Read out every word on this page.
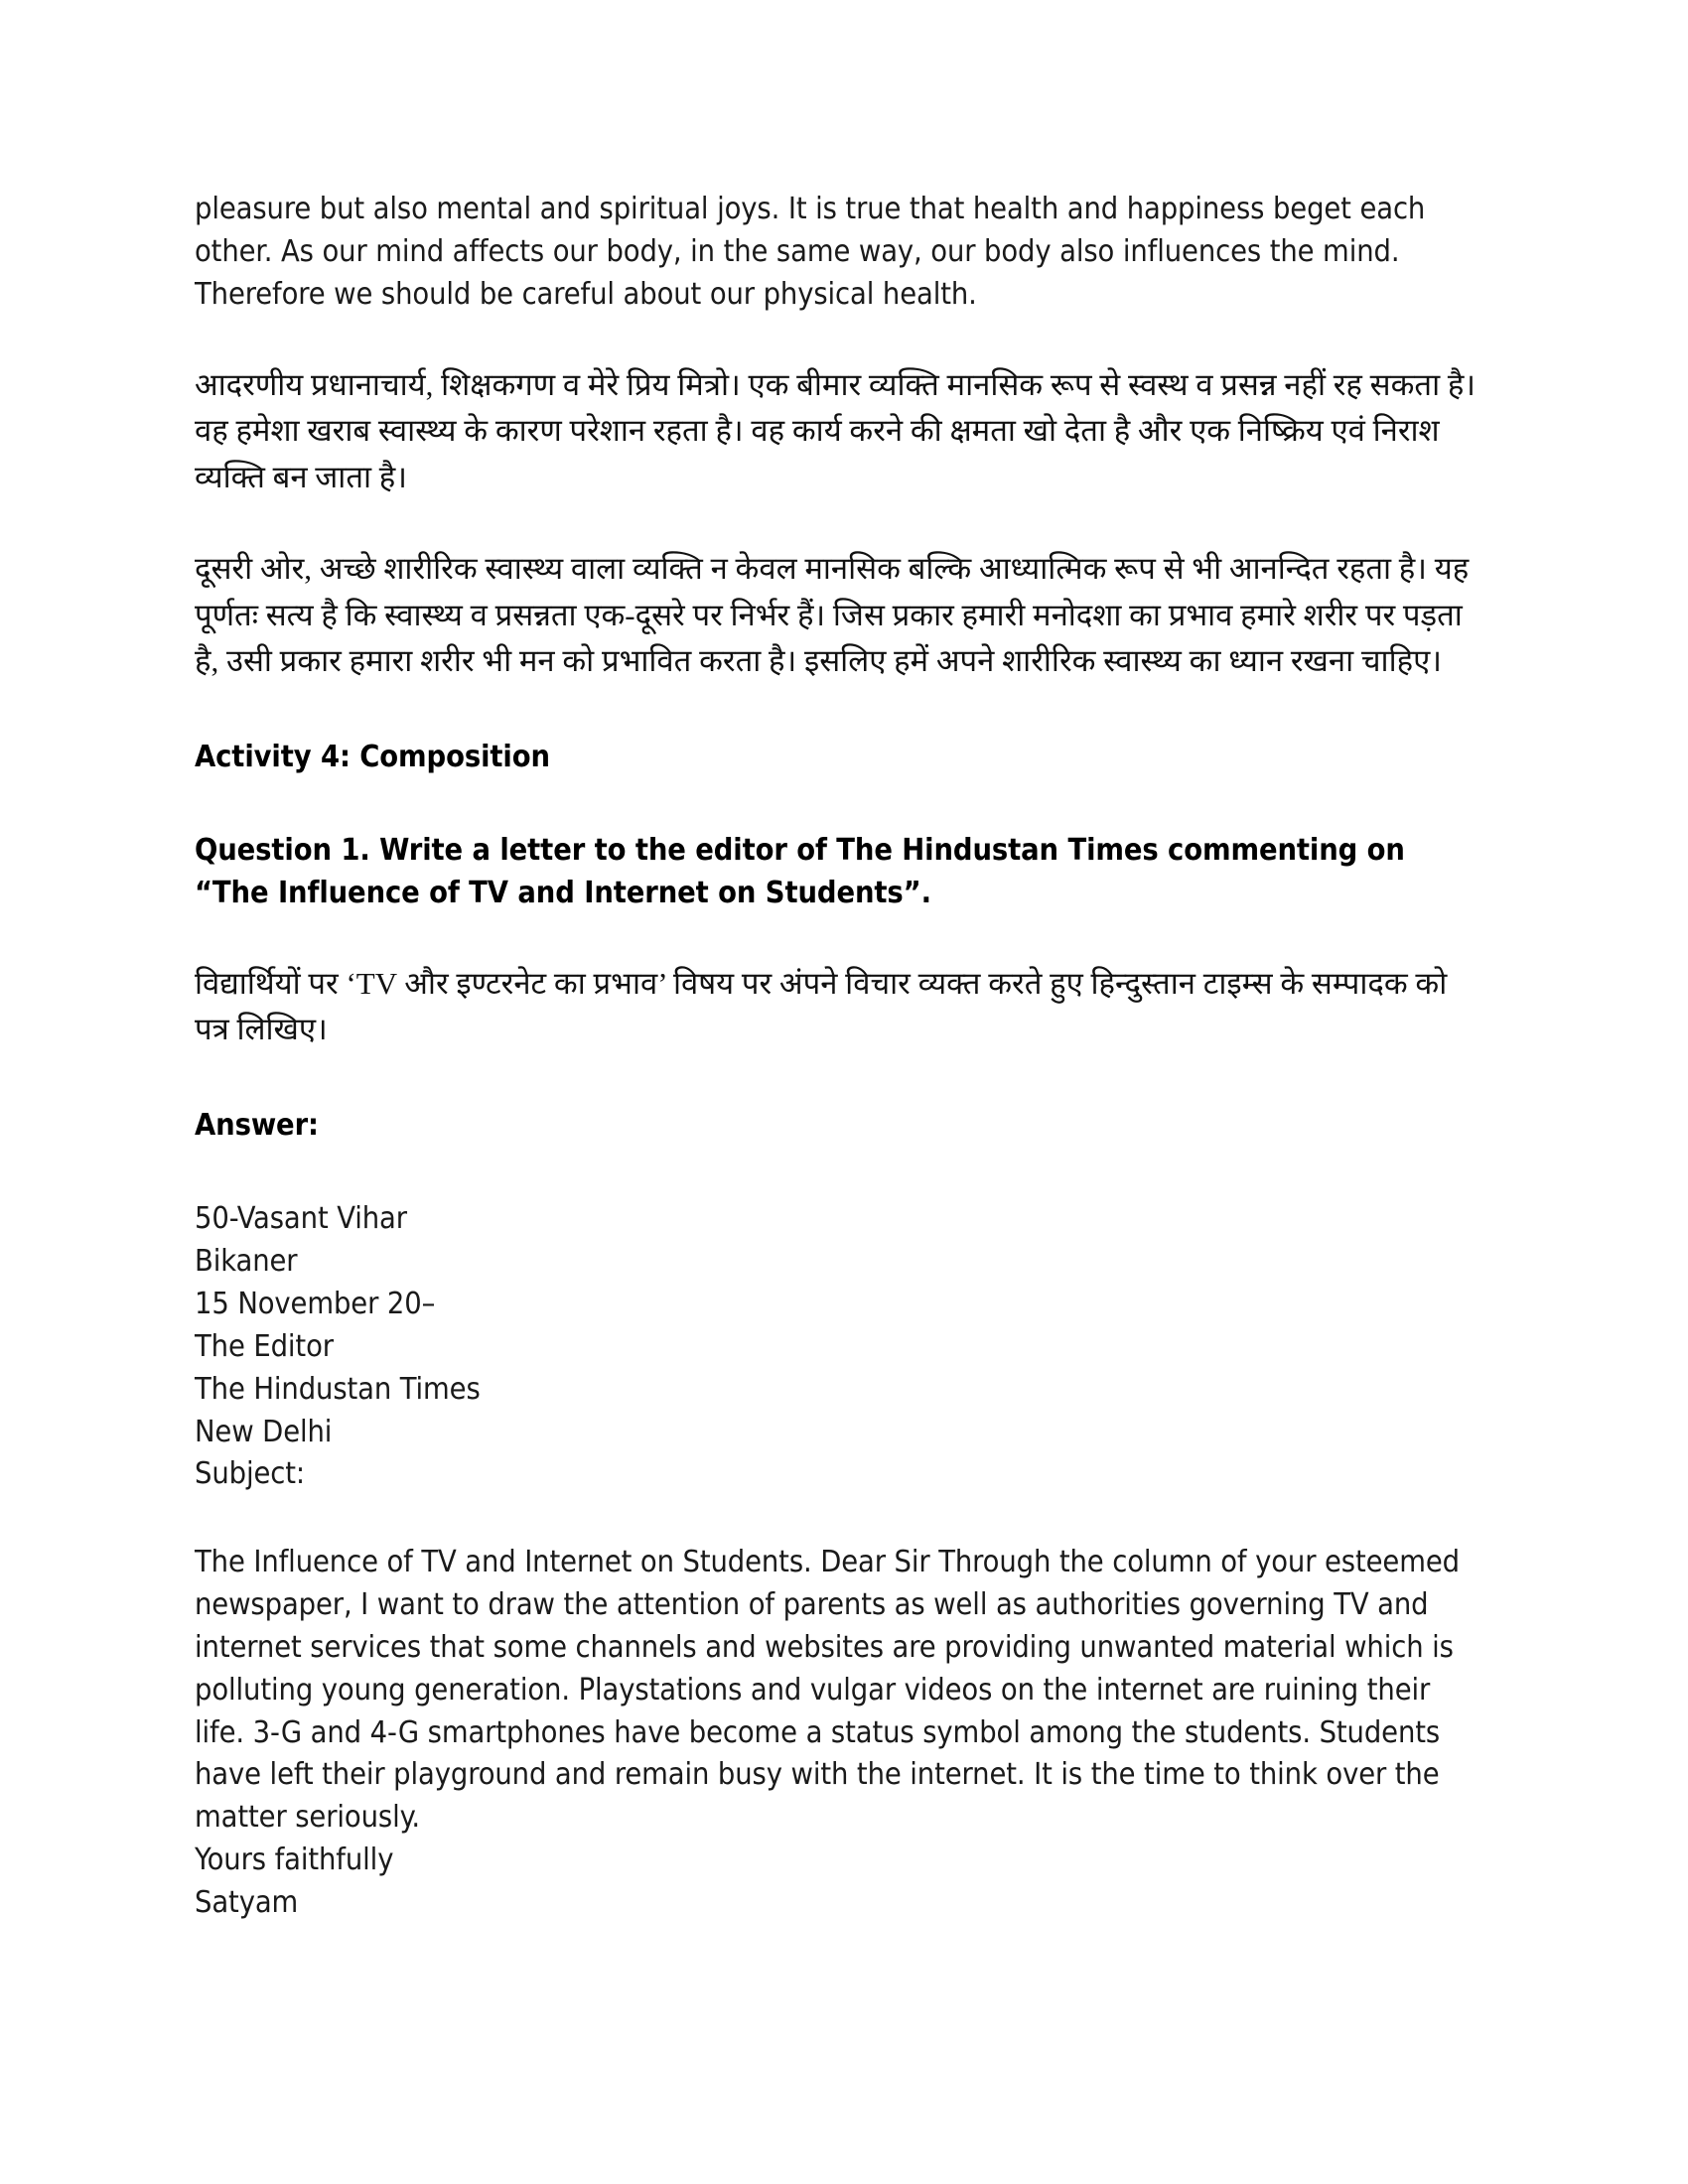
pleasure but also mental and spiritual joys. It is true that health and happiness beget each other. As our mind affects our body, in the same way, our body also influences the mind. Therefore we should be careful about our physical health.

आदरणीय प्रधानाचार्य, शिक्षकगण व मेरे प्रिय मित्रो। एक बीमार व्यक्ति मानसिक रूप से स्वस्थ व प्रसन्न नहीं रह सकता है। वह हमेशा खराब स्वास्थ्य के कारण परेशान रहता है। वह कार्य करने की क्षमता खो देता है और एक निष्क्रिय एवं निराश व्यक्ति बन जाता है।

दूसरी ओर, अच्छे शारीरिक स्वास्थ्य वाला व्यक्ति न केवल मानसिक बल्कि आध्यात्मिक रूप से भी आनन्दित रहता है। यह पूर्णतः सत्य है कि स्वास्थ्य व प्रसन्नता एक-दूसरे पर निर्भर हैं। जिस प्रकार हमारी मनोदशा का प्रभाव हमारे शरीर पर पड़ता है, उसी प्रकार हमारा शरीर भी मन को प्रभावित करता है। इसलिए हमें अपने शारीरिक स्वास्थ्य का ध्यान रखना चाहिए।

Activity 4: Composition
Question 1. Write a letter to the editor of The Hindustan Times commenting on “The Influence of TV and Internet on Students”.

विद्यार्थियों पर ‘TV और इण्टरनेट का प्रभाव’ विषय पर अंपने विचार व्यक्त करते हुए हिन्दुस्तान टाइम्स के सम्पादक को पत्र लिखिए।

Answer:
50-Vasant Vihar
Bikaner
15 November 20–
The Editor
The Hindustan Times
New Delhi
Subject:

The Influence of TV and Internet on Students. Dear Sir Through the column of your esteemed newspaper, I want to draw the attention of parents as well as authorities governing TV and internet services that some channels and websites are providing unwanted material which is polluting young generation. Playstations and vulgar videos on the internet are ruining their life. 3-G and 4-G smartphones have become a status symbol among the students. Students have left their playground and remain busy with the internet. It is the time to think over the matter seriously.

Yours faithfully
Satyam
